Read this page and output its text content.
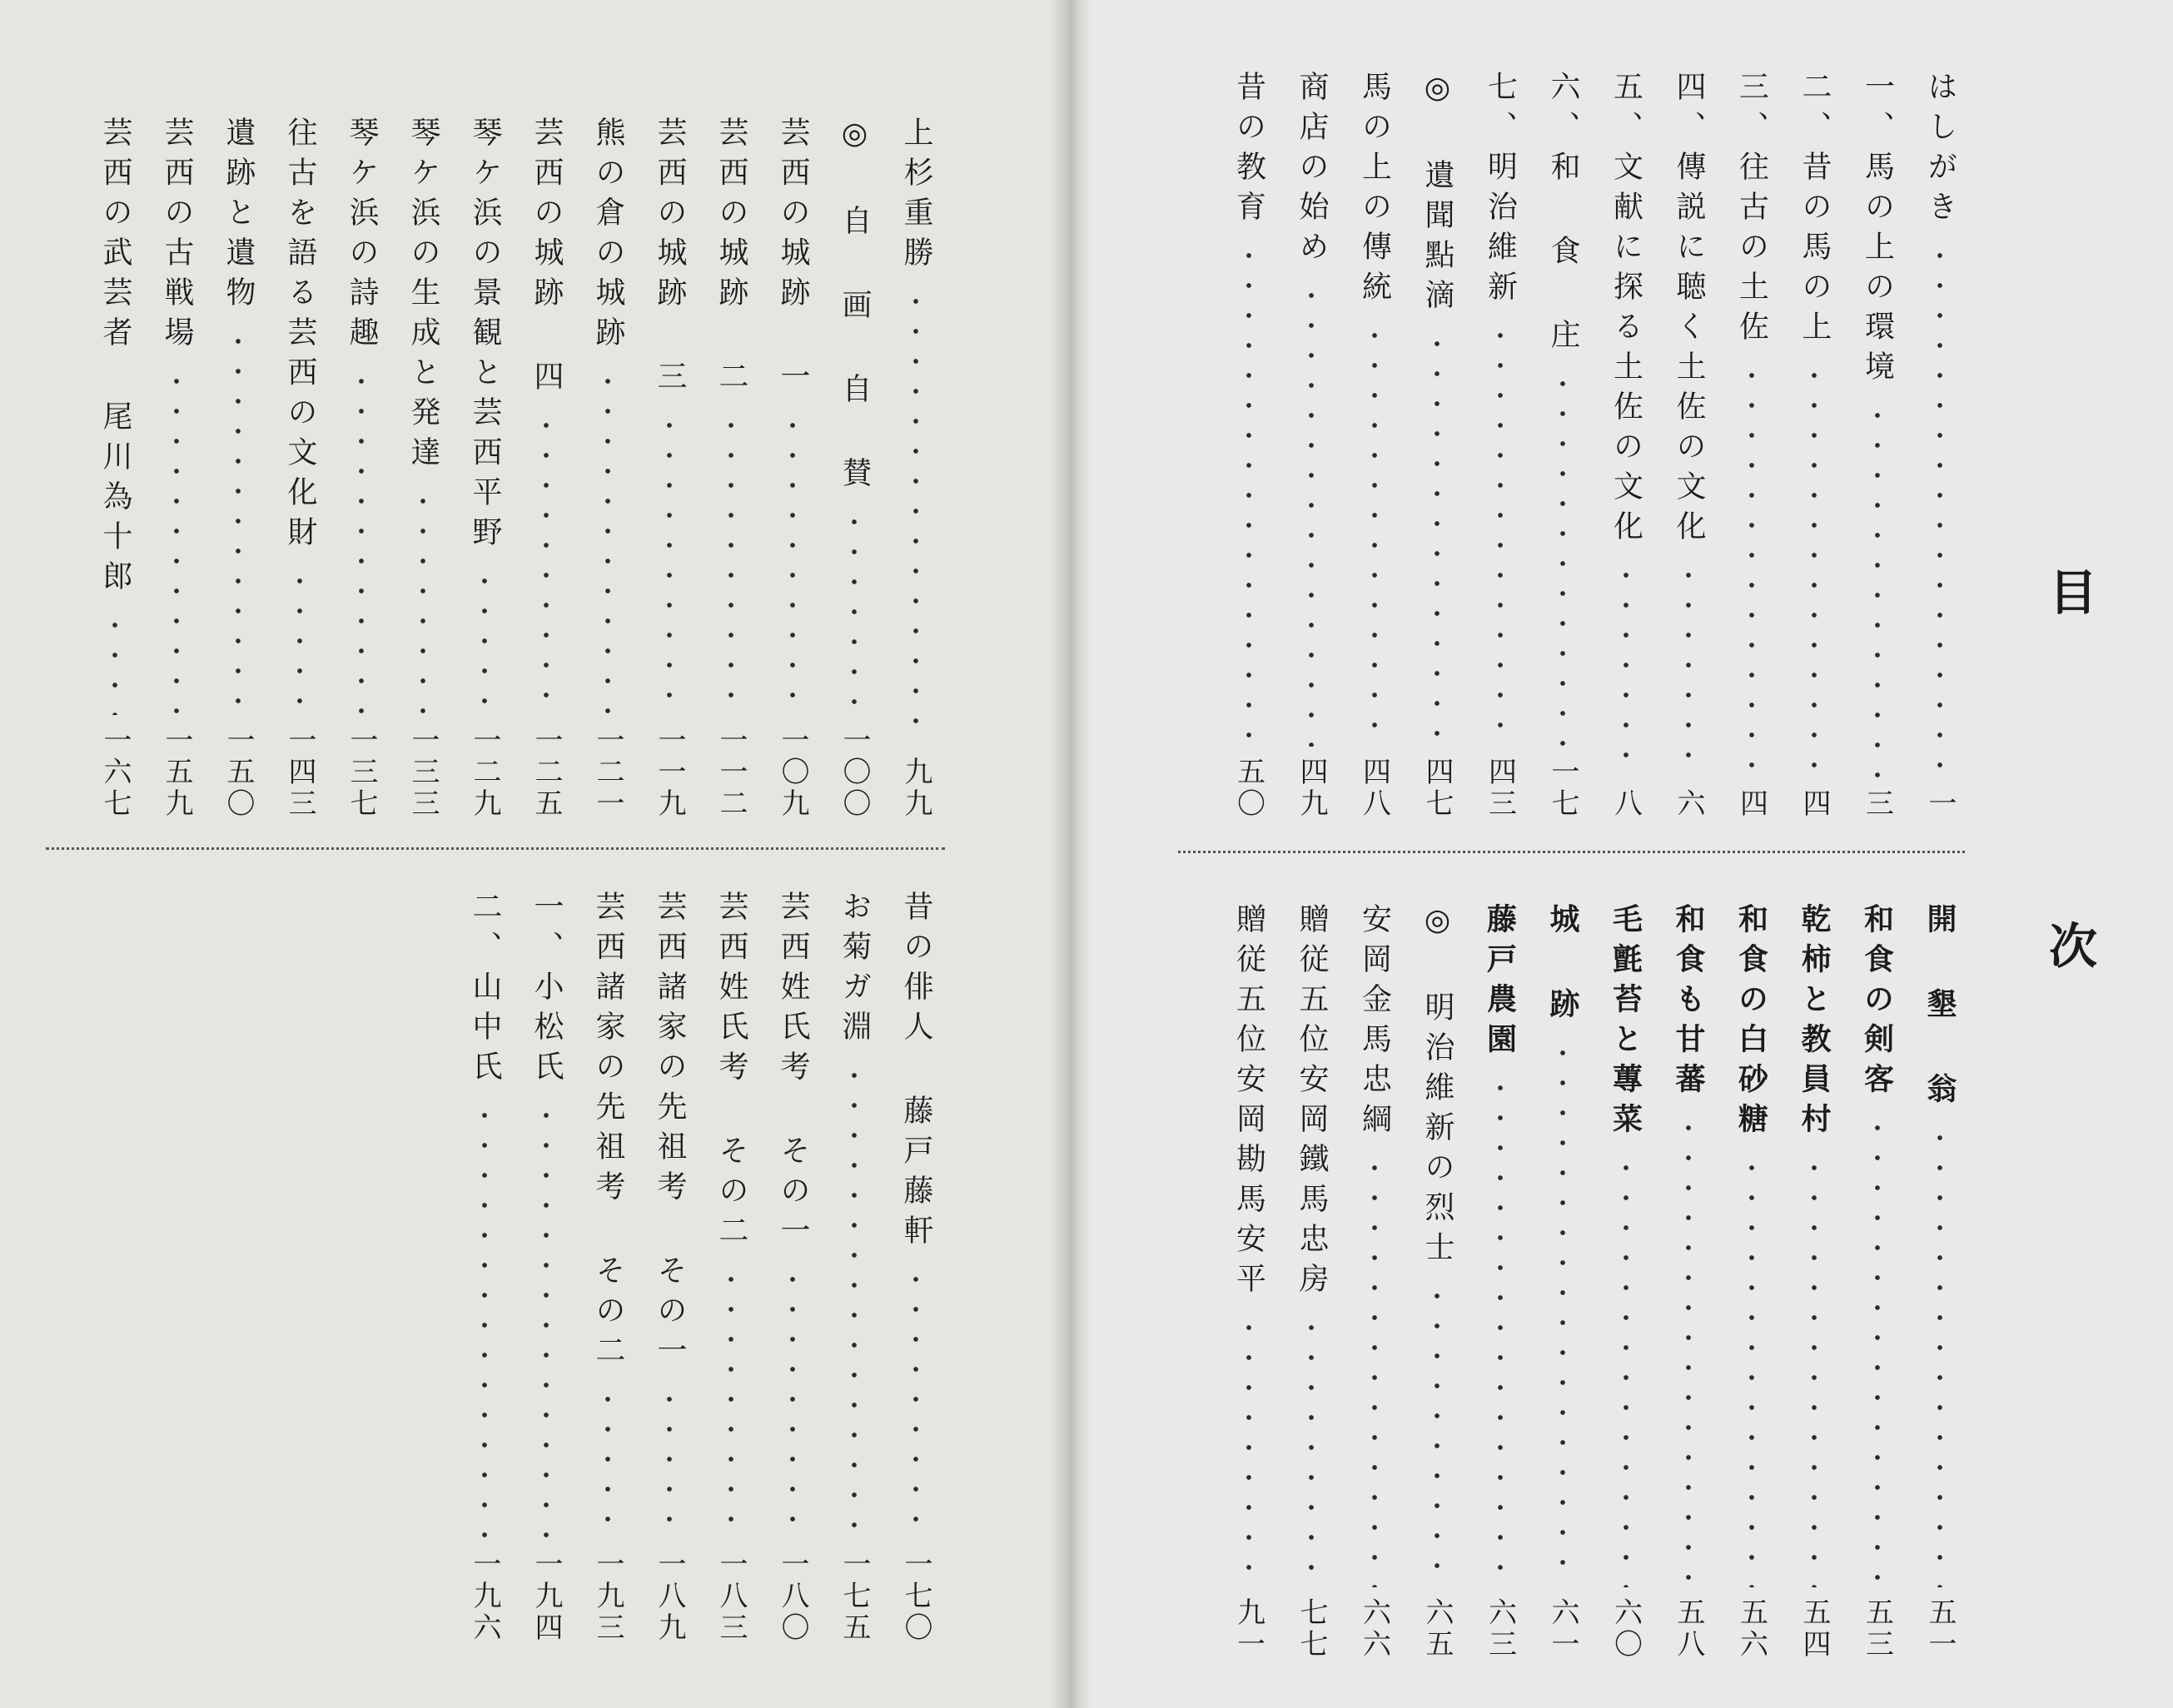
目
次
はしがき
一
一、馬の上の環境
三
二、昔の馬の上
四
三、往古の土佐
四
四、傳説に聴く土佐の文化
六
五、文献に探る土佐の文化
八
六、和 食 庄
一七
七、明治維新
四三
◎ 遺聞點滴
四七
馬の上の傳統
四八
商店の始め
四九
昔の教育
五〇
開 墾 翁
五一
和食の剣客
五三
乾柿と教員村
五四
和食の白砂糖
五六
和食も甘蕃
五八
毛氈苔と蓴菜
六〇
城 跡
六一
藤戸農園
六三
◎ 明治維新の烈士
六五
安岡金馬忠綱
六六
贈従五位安岡鐵馬忠房
七七
贈従五位安岡勘馬安平
九一
上杉重勝
九九
◎ 自 画 自 賛
一〇〇
芸西の城跡 一
一〇九
芸西の城跡 二
一一二
芸西の城跡 三
一一九
熊の倉の城跡
一二一
芸西の城跡 四
一二五
琴ケ浜の景観と芸西平野
一二九
琴ケ浜の生成と発達
一三三
琴ケ浜の詩趣
一三七
往古を語る芸西の文化財
一四三
遺跡と遺物
一五〇
芸西の古戦場
一五九
芸西の武芸者 尾川為十郎
一六七
昔の俳人 藤戸藤軒
一七〇
お菊ガ淵
一七五
芸西姓氏考 その一
一八〇
芸西姓氏考 その二
一八三
芸西諸家の先祖考 その一
一八九
芸西諸家の先祖考 その二
一九三
一、小松氏
一九四
二、山中氏
一九六
